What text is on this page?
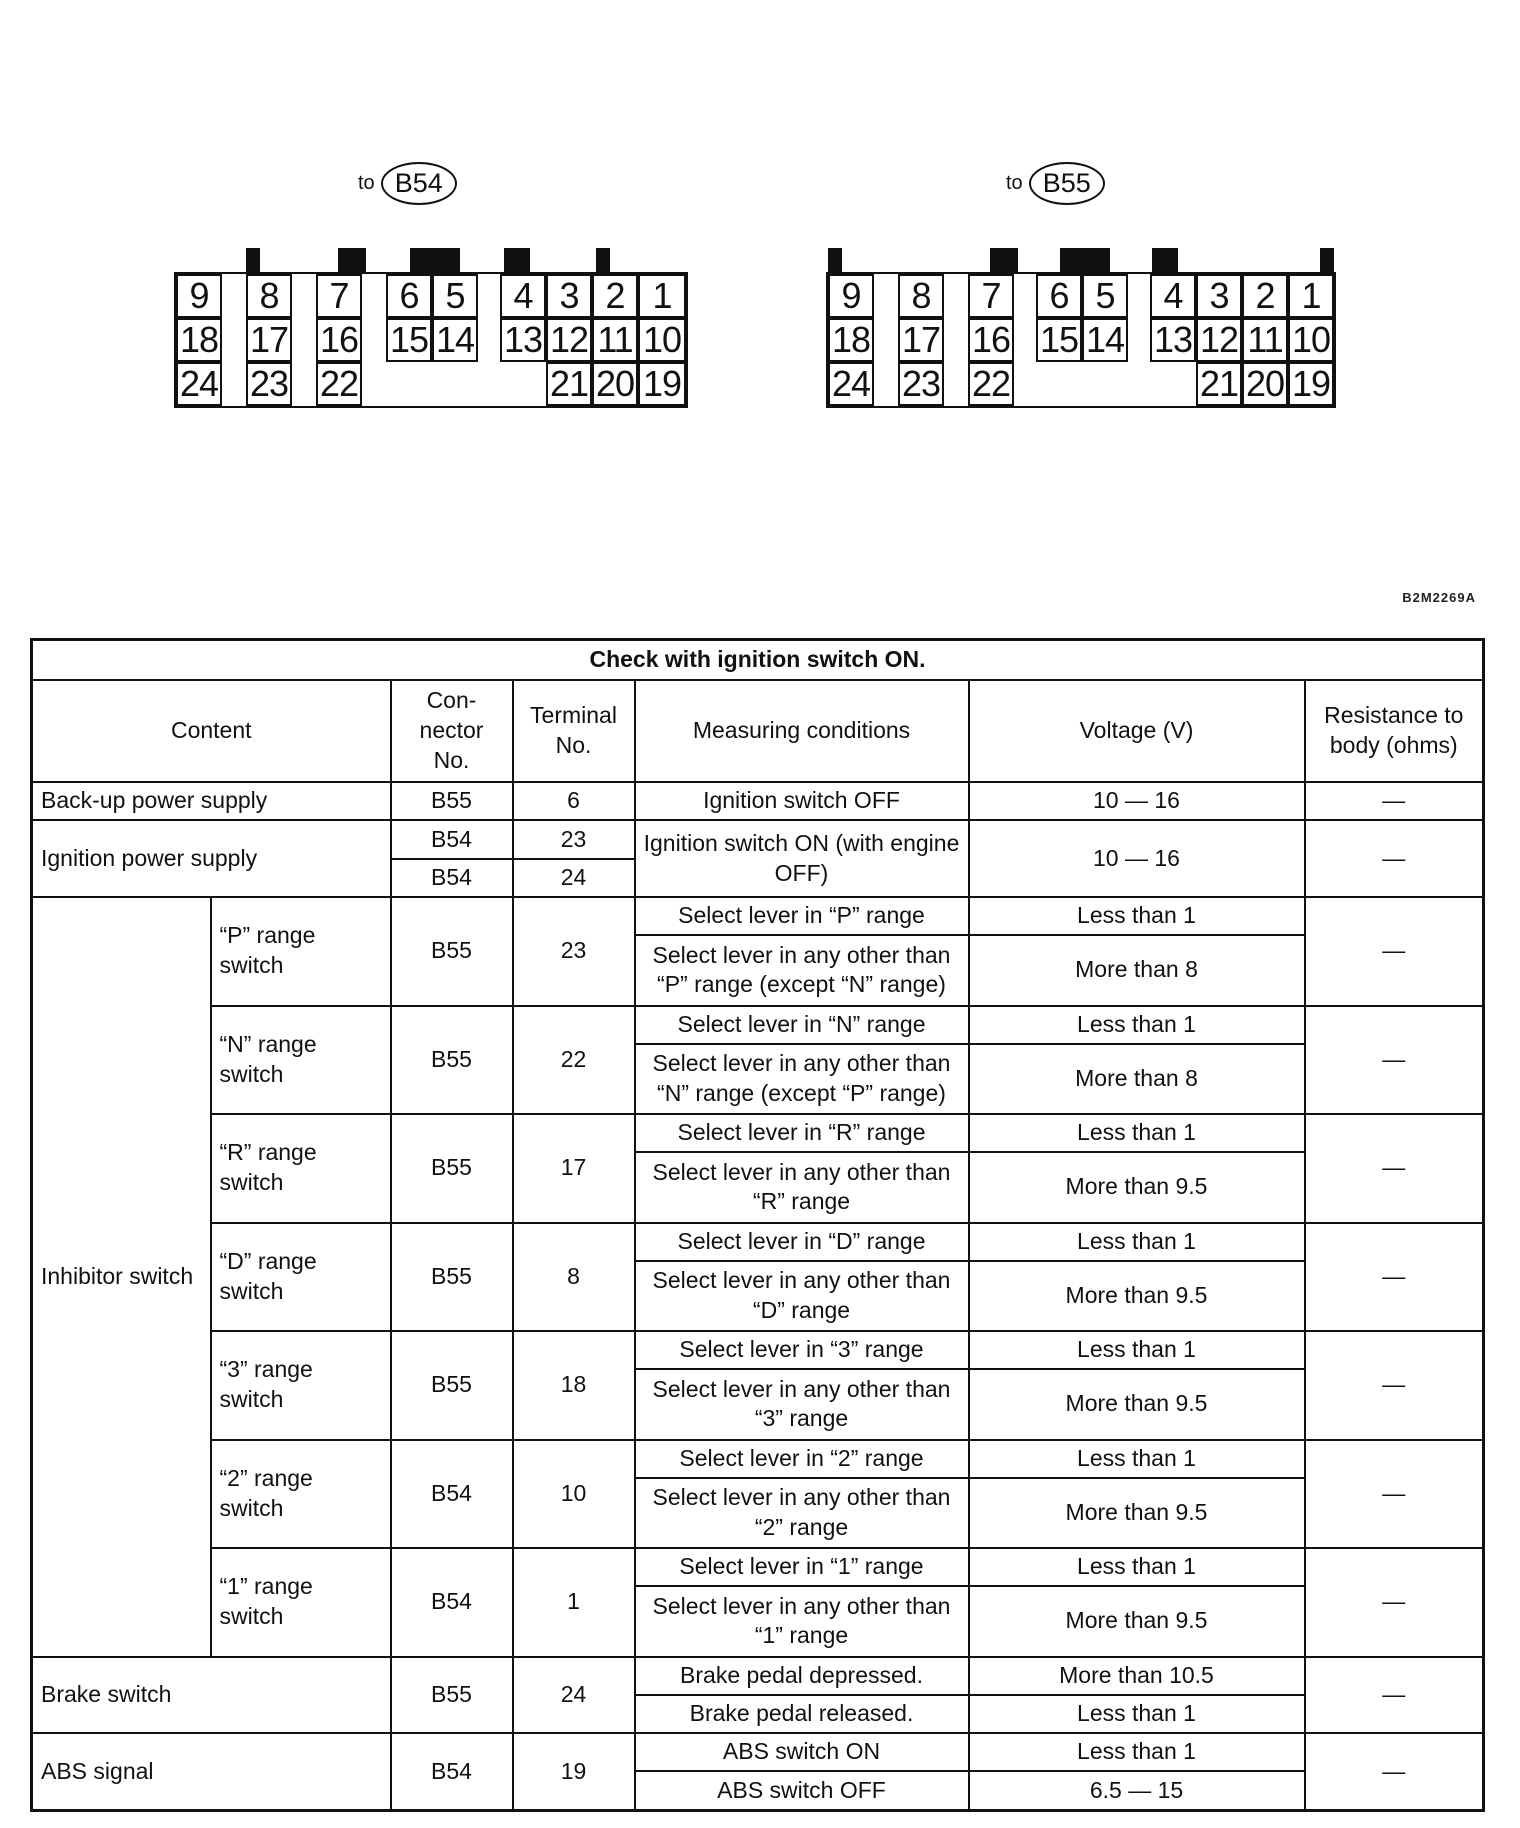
to B54
9	8	7	6 5	4 3 2 1
18 17 16 15 14 13 12 11 10
24 23 22	21 20 19
to B55
9	8	7	6 5	4 3 2 1
18 17 16 15 14 13 12 11 10
24 23 22	21 20 19
B2M2269A
Check with ignition switch ON.						
Content		Con-nector No.	Terminal No.	Measuring conditions	Voltage (V)	Resistance to body (ohms)
Back-up power supply		B55	6	Ignition switch OFF	10 — 16	—
Ignition power supply		B54	23	Ignition switch ON (with engine OFF)	10 — 16	—
		B54	24			
Inhibitor switch	“P” range switch	B55	23	Select lever in “P” range	Less than 1	—
				Select lever in any other than “P” range (except “N” range)	More than 8	
	“N” range switch	B55	22	Select lever in “N” range	Less than 1	—
				Select lever in any other than “N” range (except “P” range)	More than 8	
	“R” range switch	B55	17	Select lever in “R” range	Less than 1	—
				Select lever in any other than “R” range	More than 9.5	
	“D” range switch	B55	8	Select lever in “D” range	Less than 1	—
				Select lever in any other than “D” range	More than 9.5	
	“3” range switch	B55	18	Select lever in “3” range	Less than 1	—
				Select lever in any other than “3” range	More than 9.5	
	“2” range switch	B54	10	Select lever in “2” range	Less than 1	—
				Select lever in any other than “2” range	More than 9.5	
	“1” range switch	B54	1	Select lever in “1” range	Less than 1	—
				Select lever in any other than “1” range	More than 9.5	
Brake switch		B55	24	Brake pedal depressed.	More than 10.5	—
				Brake pedal released.	Less than 1	
ABS signal		B54	19	ABS switch ON	Less than 1	—
				ABS switch OFF	6.5 — 15	
